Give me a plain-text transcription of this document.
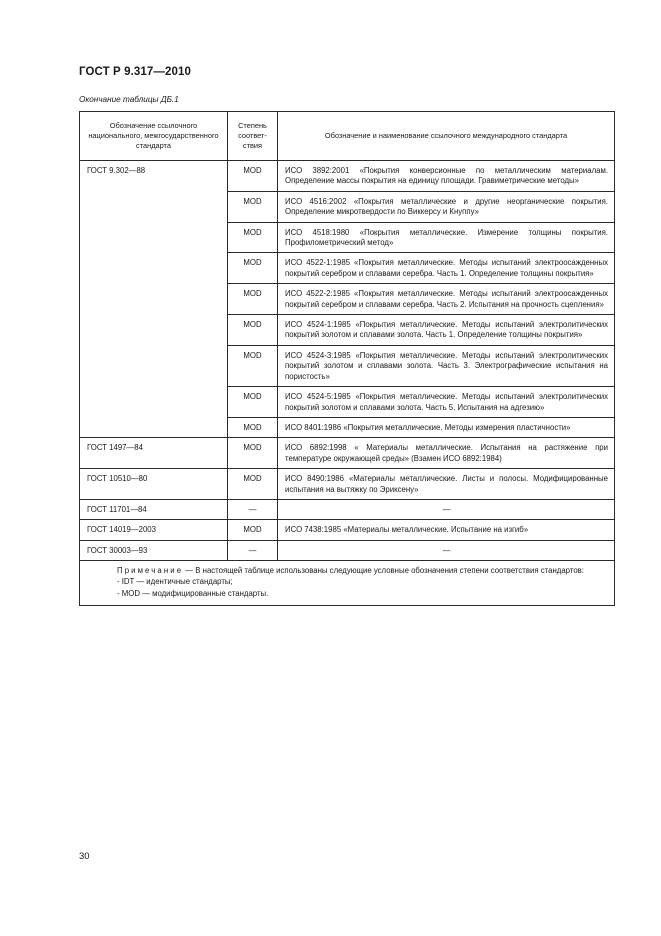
ГОСТ Р 9.317—2010
Окончание таблицы ДБ.1
Обозначение ссылочного национального, межгосударственного стандарта	Степень соответствия	Обозначение и наименование ссылочного международного стандарта
ГОСТ 9.302—88	MOD	ИСО 3892:2001 «Покрытия конверсионные по металлическим материалам. Определение массы покрытия на единицу площади. Гравиметрические методы»
	MOD	ИСО 4516:2002 «Покрытия металлические и другие неорганические покрытия. Определение микротвердости по Виккерсу и Кнуппу»
	MOD	ИСО 4518:1980 «Покрытия металлические. Измерение толщины покрытия. Профилометрический метод»
	MOD	ИСО 4522-1:1985 «Покрытия металлические. Методы испытаний электроосажденных покрытий серебром и сплавами серебра. Часть 1. Определение толщины покрытия»
	MOD	ИСО 4522-2:1985 «Покрытия металлические. Методы испытаний электроосажденных покрытий серебром и сплавами серебра. Часть 2. Испытания на прочность сцепления»
	MOD	ИСО 4524-1:1985 «Покрытия металлические. Методы испытаний электролитических покрытий золотом и сплавами золота. Часть 1. Определение толщины покрытия»
	MOD	ИСО 4524-3:1985 «Покрытия металлические. Методы испытаний электролитических покрытий золотом и сплавами золота. Часть 3. Электрографические испытания на пористость»
	MOD	ИСО 4524-5:1985 «Покрытия металлические. Методы испытаний электролитических покрытий золотом и сплавами золота. Часть 5. Испытания на адгезию»
	MOD	ИСО 8401:1986 «Покрытия металлические. Методы измерения пластичности»
ГОСТ 1497—84	MOD	ИСО 6892:1998 « Материалы металлические. Испытания на растяжение при температуре окружающей среды» (Взамен ИСО 6892:1984)
ГОСТ 10510—80	MOD	ИСО 8490:1986 «Материалы металлические. Листы и полосы. Модифицированные испытания на вытяжку по Эриксену»
ГОСТ 11701—84	—	—
ГОСТ 14019—2003	MOD	ИСО 7438:1985 «Материалы металлические. Испытание на изгиб»
ГОСТ 30003—93	—	—

Примечание — В настоящей таблице использованы следующие условные обозначения степени соответствия стандартов:
- IDT — идентичные стандарты;
- MOD — модифицированные стандарты.		
30
